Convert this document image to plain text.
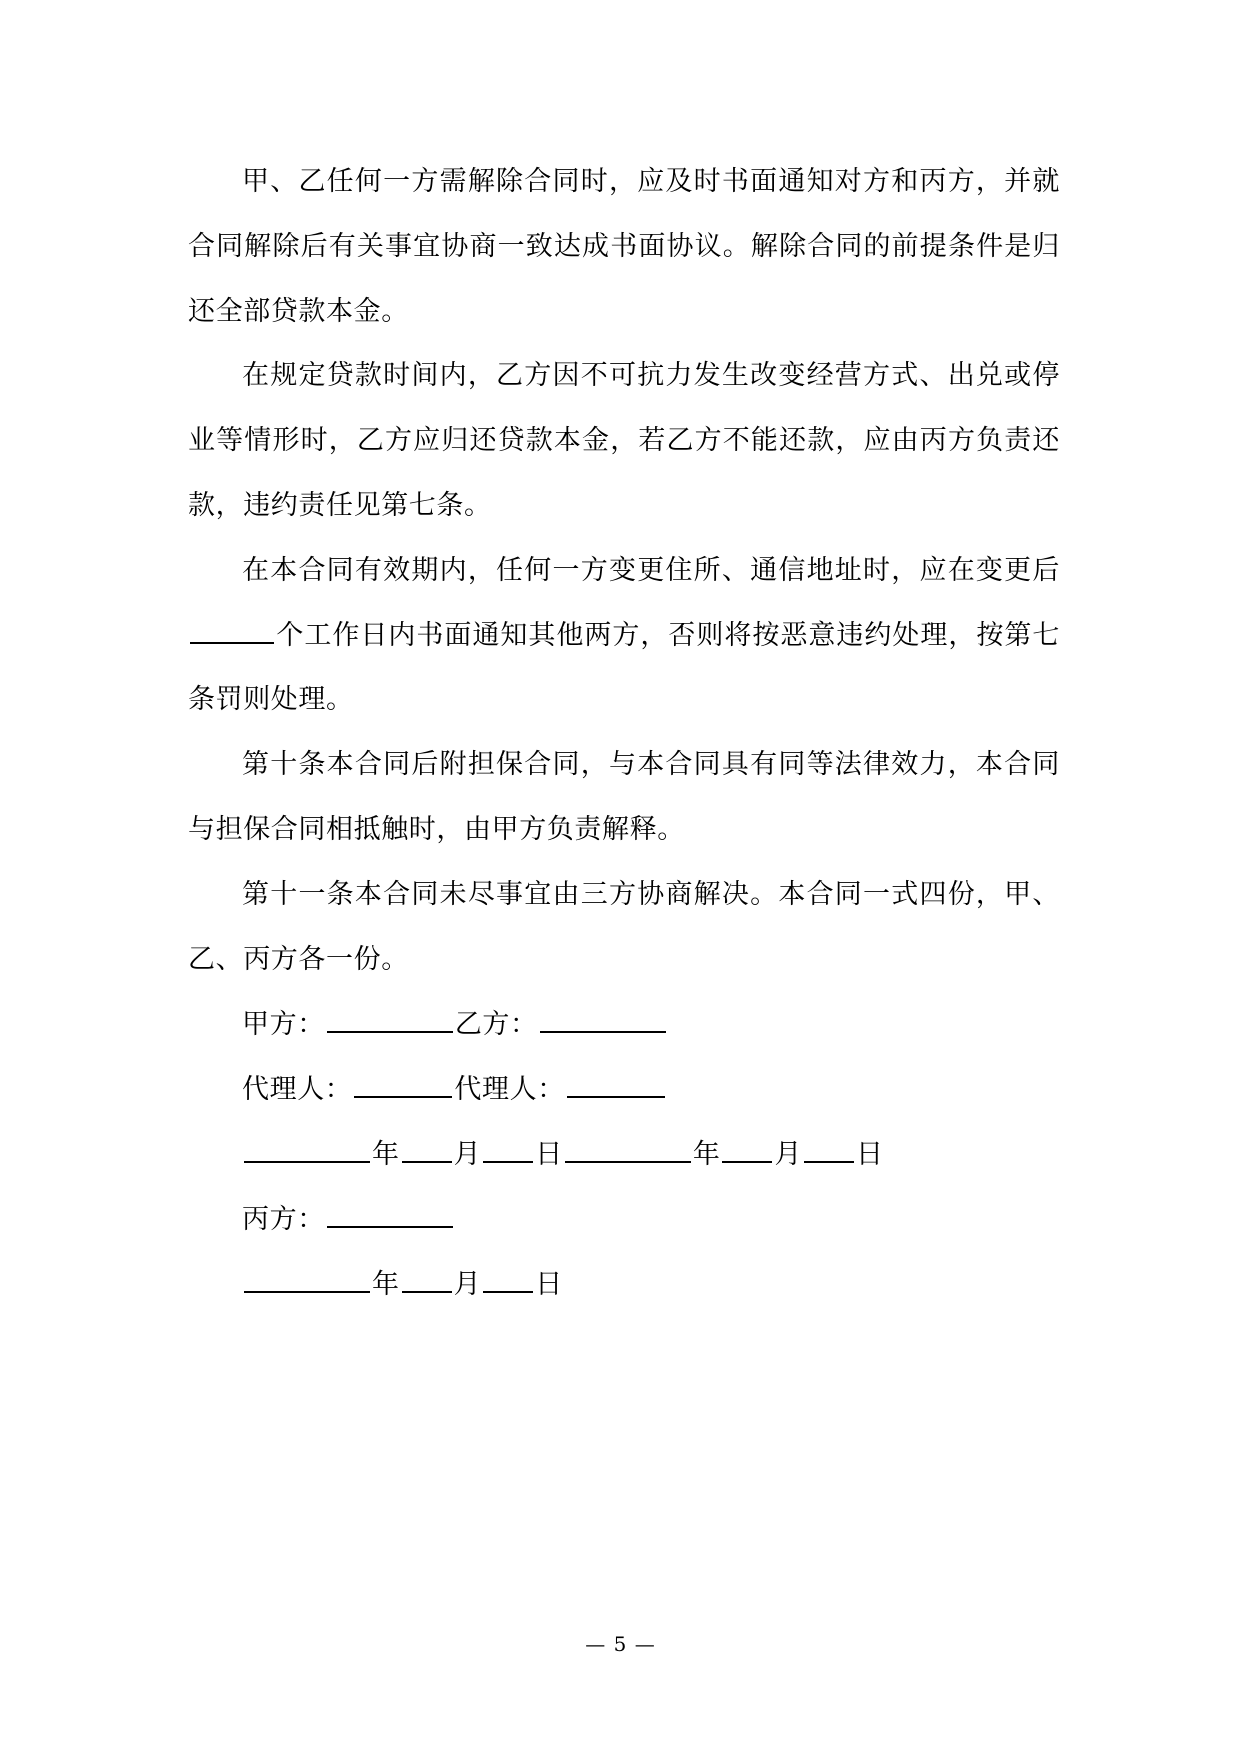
甲、乙任何一方需解除合同时，应及时书面通知对方和丙方，并就合同解除后有关事宜协商一致达成书面协议。解除合同的前提条件是归还全部贷款本金。

在规定贷款时间内，乙方因不可抗力发生改变经营方式、出兑或停业等情形时，乙方应归还贷款本金，若乙方不能还款，应由丙方负责还款，违约责任见第七条。

在本合同有效期内，任何一方变更住所、通信地址时，应在变更后个工作日内书面通知其他两方，否则将按恶意违约处理，按第七条罚则处理。

第十条本合同后附担保合同，与本合同具有同等法律效力，本合同与担保合同相抵触时，由甲方负责解释。

第十一条本合同未尽事宜由三方协商解决。本合同一式四份，甲、乙、丙方各一份。

甲方：	乙方：

代理人：	代理人：

年 月 日	年 月 日

丙方：

年 月 日

— 5 —
